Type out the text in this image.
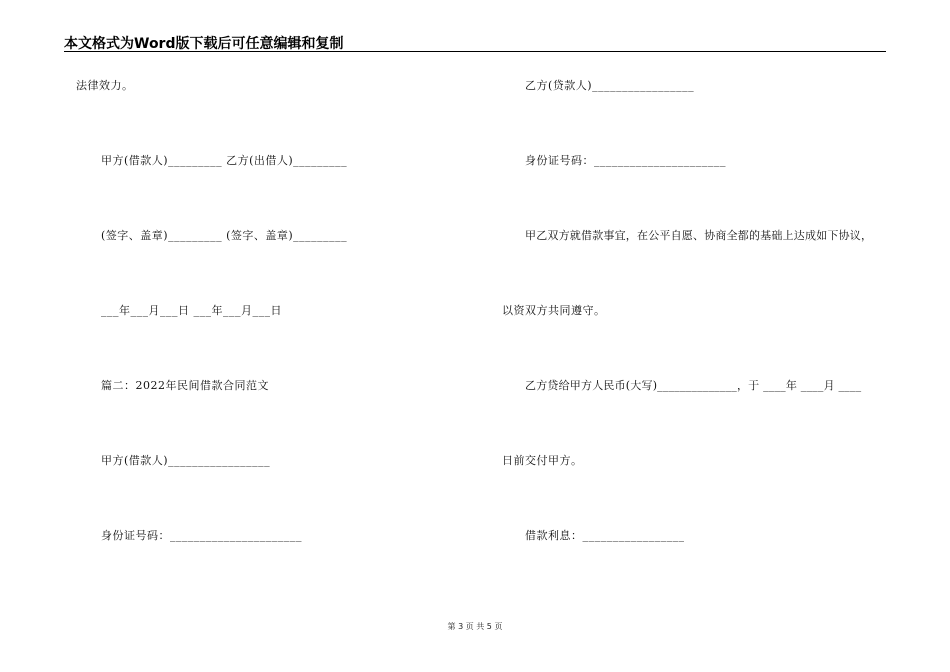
本文格式为Word版下载后可任意编辑和复制
法律效力。
甲方(借款人)_________ 乙方(出借人)_________
(签字、盖章)_________ (签字、盖章)_________
___年___月___日 ___年___月___日
篇二：2022年民间借款合同范文
甲方(借款人)_________________
身份证号码：______________________
乙方(贷款人)_________________
身份证号码：______________________
甲乙双方就借款事宜，在公平自愿、协商全都的基础上达成如下协议，
以资双方共同遵守。
乙方贷给甲方人民币(大写)______________，于 ____年 ____月 ____
日前交付甲方。
借款利息：_________________
第 3 页 共 5 页
